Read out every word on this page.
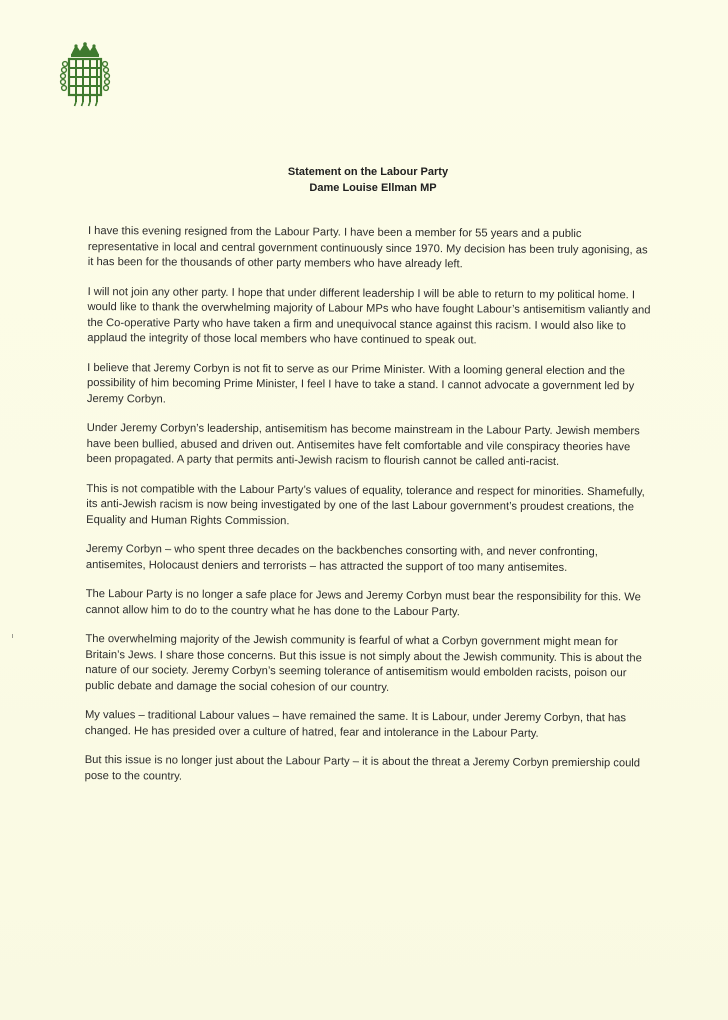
Statement on the Labour Party
Dame Louise Ellman MP

I have this evening resigned from the Labour Party. I have been a member for 55 years and a public representative in local and central government continuously since 1970. My decision has been truly agonising, as it has been for the thousands of other party members who have already left.

I will not join any other party. I hope that under different leadership I will be able to return to my political home. I would like to thank the overwhelming majority of Labour MPs who have fought Labour’s antisemitism valiantly and the Co-operative Party who have taken a firm and unequivocal stance against this racism. I would also like to applaud the integrity of those local members who have continued to speak out.

I believe that Jeremy Corbyn is not fit to serve as our Prime Minister. With a looming general election and the possibility of him becoming Prime Minister, I feel I have to take a stand. I cannot advocate a government led by Jeremy Corbyn.

Under Jeremy Corbyn’s leadership, antisemitism has become mainstream in the Labour Party. Jewish members have been bullied, abused and driven out. Antisemites have felt comfortable and vile conspiracy theories have been propagated. A party that permits anti-Jewish racism to flourish cannot be called anti-racist.

This is not compatible with the Labour Party’s values of equality, tolerance and respect for minorities. Shamefully, its anti-Jewish racism is now being investigated by one of the last Labour government’s proudest creations, the Equality and Human Rights Commission.

Jeremy Corbyn – who spent three decades on the backbenches consorting with, and never confronting, antisemites, Holocaust deniers and terrorists – has attracted the support of too many antisemites.

The Labour Party is no longer a safe place for Jews and Jeremy Corbyn must bear the responsibility for this. We cannot allow him to do to the country what he has done to the Labour Party.

The overwhelming majority of the Jewish community is fearful of what a Corbyn government might mean for Britain’s Jews. I share those concerns. But this issue is not simply about the Jewish community. This is about the nature of our society. Jeremy Corbyn’s seeming tolerance of antisemitism would embolden racists, poison our public debate and damage the social cohesion of our country.

My values – traditional Labour values – have remained the same. It is Labour, under Jeremy Corbyn, that has changed. He has presided over a culture of hatred, fear and intolerance in the Labour Party.

But this issue is no longer just about the Labour Party – it is about the threat a Jeremy Corbyn premiership could pose to the country.
